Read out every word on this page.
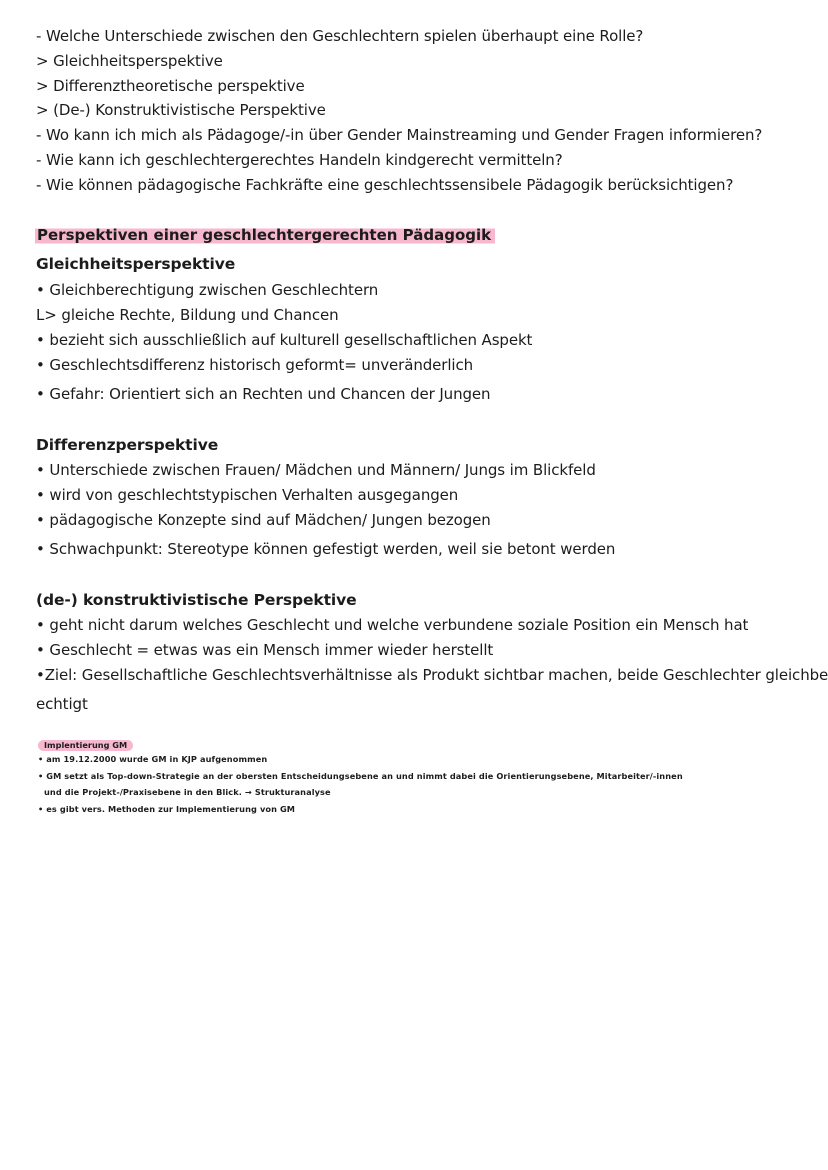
- Welche Unterschiede zwischen den Geschlechtern spielen überhaupt eine Rolle?
> Gleichheitsperspektive
> Differenztheoretische perspektive
> (De-) Konstruktivistische Perspektive
- Wo kann ich mich als Pädagoge/-in über Gender Mainstreaming und Gender Fragen informieren?
- Wie kann ich geschlechtergerechtes Handeln kindgerecht vermitteln?
- Wie können pädagogische Fachkräfte eine geschlechtssensibele Pädagogik berücksichtigen?
Perspektiven einer geschlechtergerechten Pädagogik
Gleichheitsperspektive
• Gleichberechtigung zwischen Geschlechtern
L> gleiche Rechte, Bildung und Chancen
• bezieht sich ausschließlich auf kulturell gesellschaftlichen Aspekt
• Geschlechtsdifferenz historisch geformt= unveränderlich
• Gefahr: Orientiert sich an Rechten und Chancen der Jungen
Differenzperspektive
• Unterschiede zwischen Frauen/ Mädchen und Männern/ Jungs im Blickfeld
• wird von geschlechtstypischen Verhalten ausgegangen
• pädagogische Konzepte sind auf Mädchen/ Jungen bezogen
• Schwachpunkt: Stereotype können gefestigt werden, weil sie betont werden
(de-) konstruktivistische Perspektive
• geht nicht darum welches Geschlecht und welche verbundene soziale Position ein Mensch hat
• Geschlecht = etwas was ein Mensch immer wieder herstellt
•Ziel: Gesellschaftliche Geschlechtsverhältnisse als Produkt sichtbar machen, beide Geschlechter gleichbe
echtigt
Implentierung GM
• am 19.12.2000 wurde GM in KJP aufgenommen
• GM setzt als Top-down-Strategie an der obersten Entscheidungsebene an und nimmt dabei die Orientierungsebene, Mitarbeiter/-innen
und die Projekt-/Praxisebene in den Blick. → Strukturanalyse
• es gibt vers. Methoden zur Implementierung von GM
